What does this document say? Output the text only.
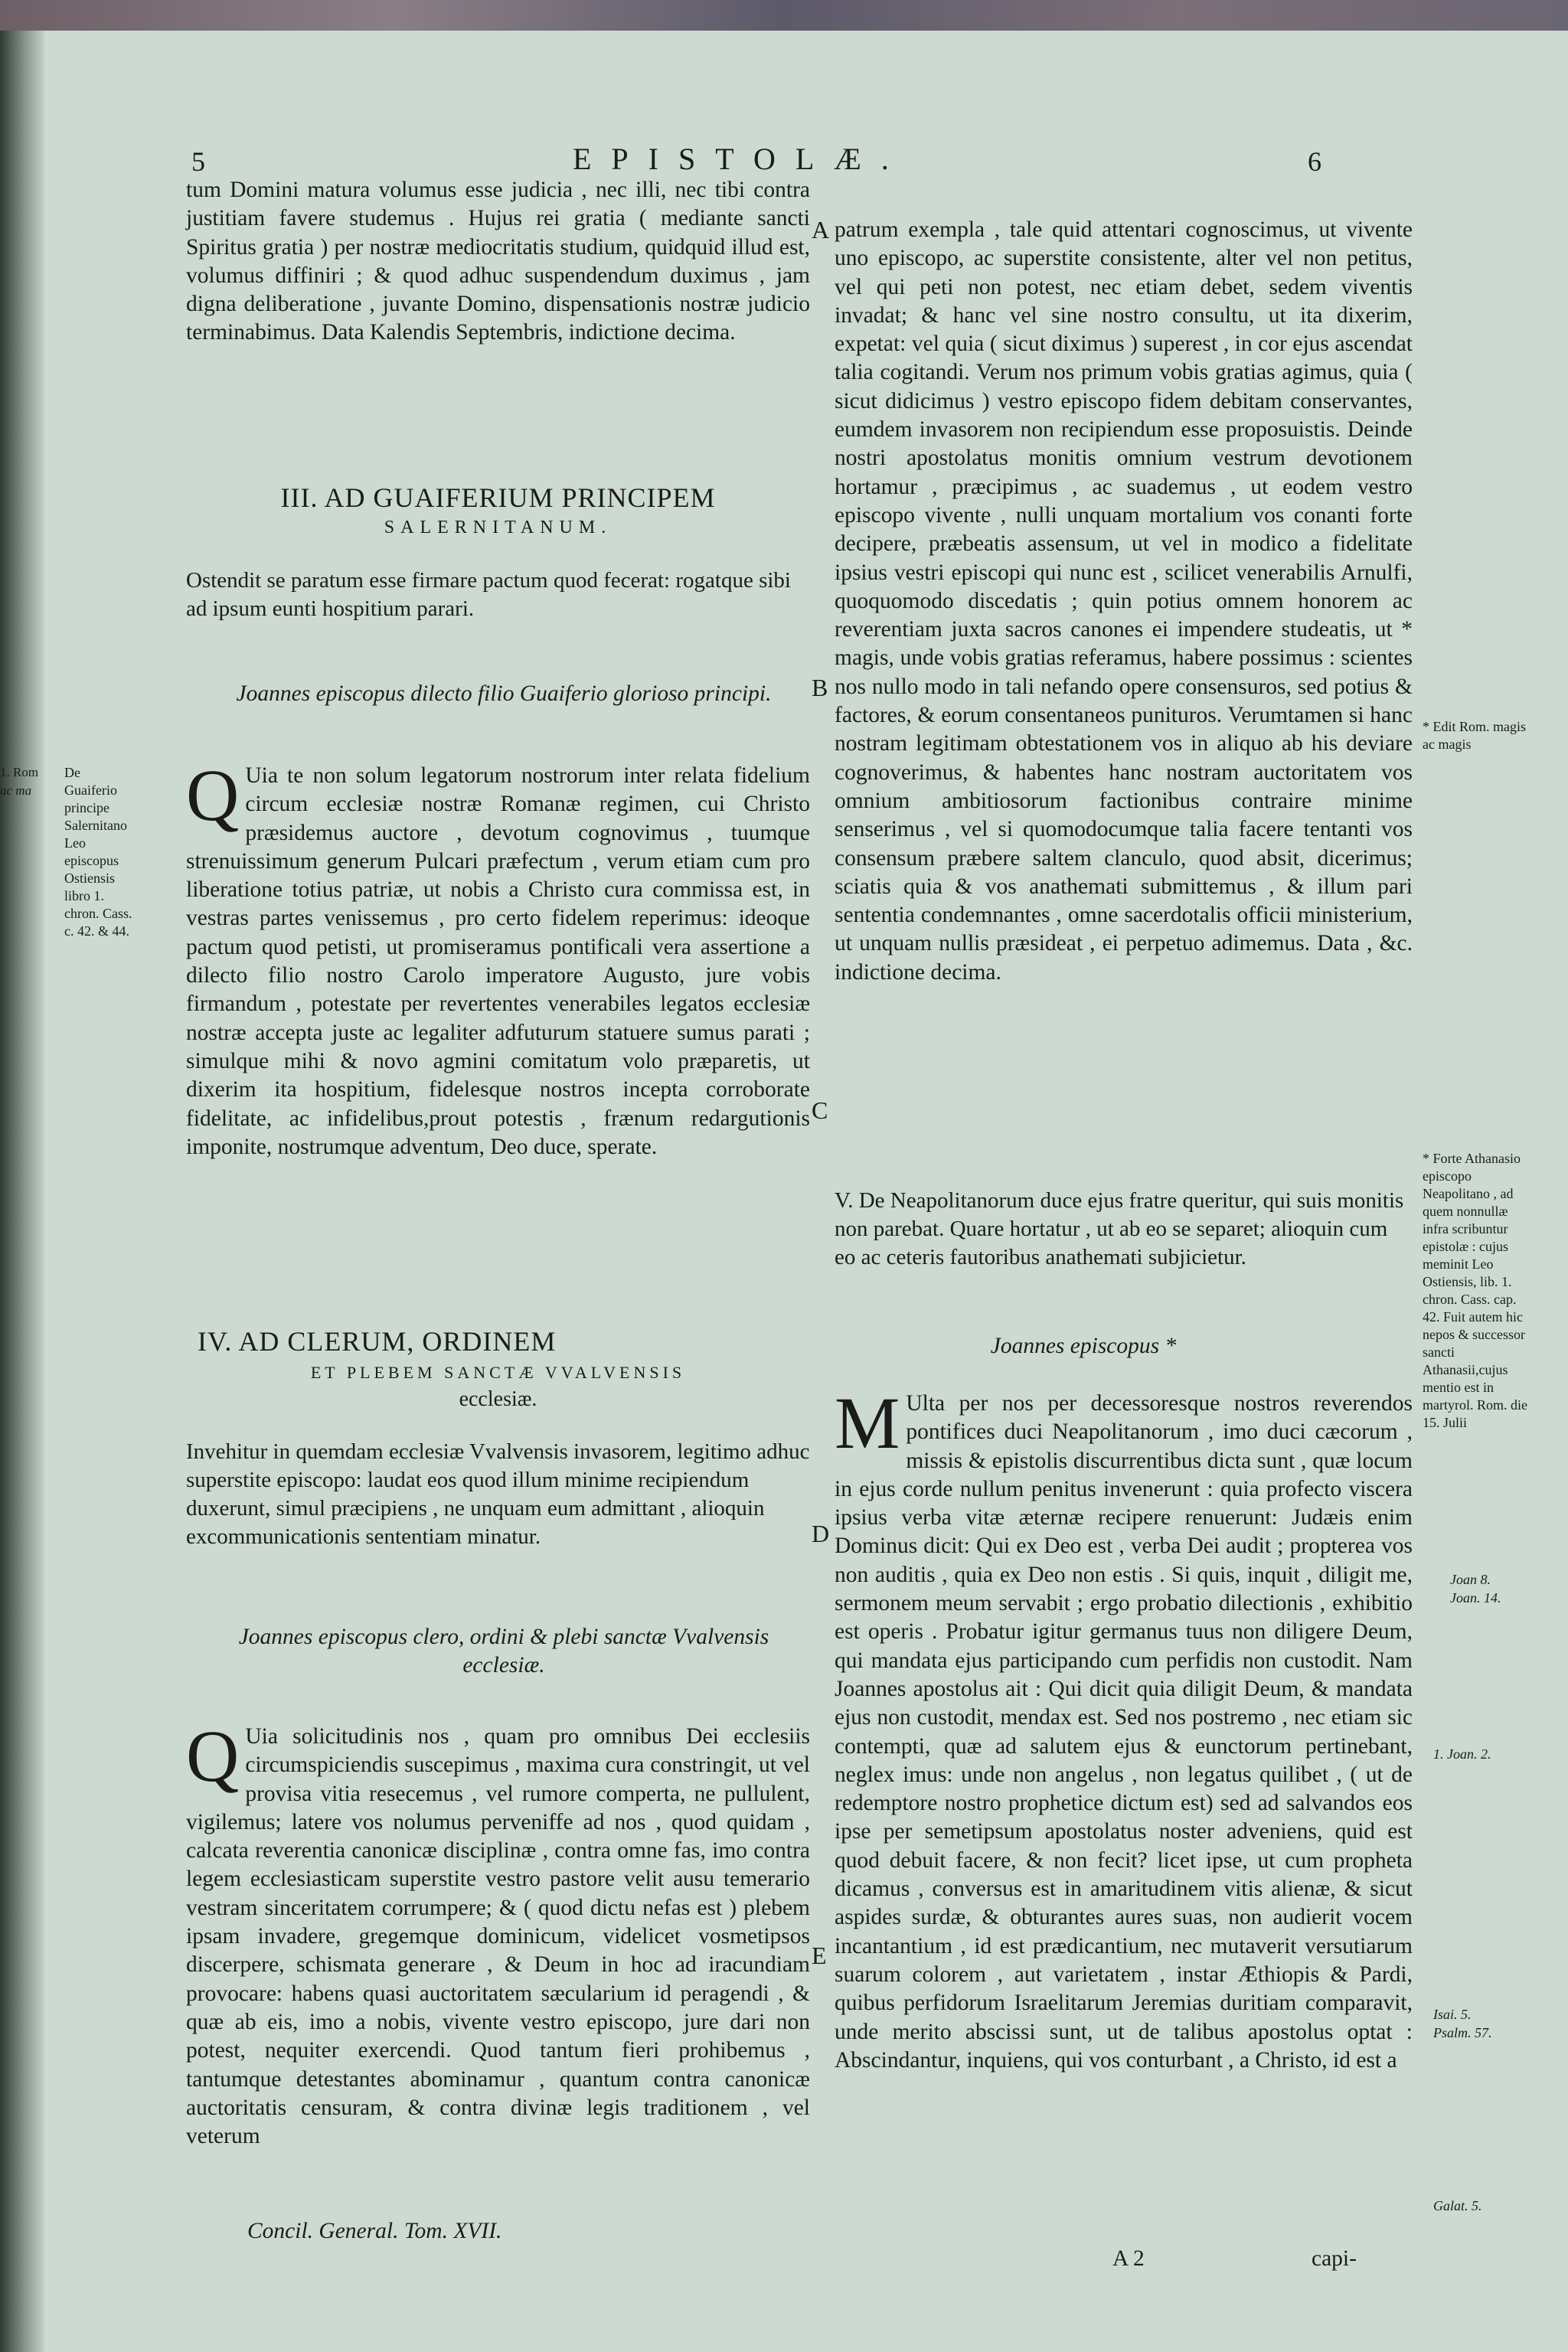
1. Rom
ac ma
5	EPISTOLÆ.	6
De Guaiferio principe Salernitano Leo episcopus Ostiensis libro 1. chron. Cass. c. 42. & 44.

tum Domini matura volumus esse judicia , nec illi, nec tibi contra justitiam favere studemus . Hujus rei gratia ( mediante sancti Spiritus gratia ) per nostræ mediocritatis studium, quidquid illud est, volumus diffiniri ; & quod adhuc suspendendum duximus , jam digna deliberatione , juvante Domino, dispensationis nostræ judicio terminabimus. Data Kalendis Septembris, indictione decima.

III. AD GUAIFERIUM PRINCIPEM
SALERNITANUM.

Ostendit se paratum esse firmare pactum quod fecerat: rogatque sibi ad ipsum eunti hospitium parari.

Joannes episcopus dilecto filio Guaiferio glorioso principi.
Q Uia te non solum legatorum nostrorum inter relata fidelium circum ecclesiæ nostræ Romanæ regimen, cui Christo præsidemus auctore , devotum cognovimus , tuumque strenuissimum generum Pulcari præfectum , verum etiam cum pro liberatione totius patriæ, ut nobis a Christo cura commissa est, in vestras partes venissemus , pro certo fidelem reperimus: ideoque pactum quod petisti, ut promiseramus pontificali vera assertione a dilecto filio nostro Carolo imperatore Augusto, jure vobis firmandum , potestate per revertentes venerabiles legatos ecclesiæ nostræ accepta juste ac legaliter adfuturum statuere sumus parati ; simulque mihi & novo agmini comitatum volo præparetis, ut dixerim ita hospitium, fidelesque nostros incepta corroborate fidelitate, ac infidelibus,prout potestis , frænum redargutionis imponite, nostrumque adventum, Deo duce, sperate.
IV. AD CLERUM, ORDINEM
ET PLEBEM SANCTÆ VVALVENSIS
ecclesiæ.
Invehitur in quemdam ecclesiæ Vvalvensis invasorem, legitimo adhuc superstite episcopo: laudat eos quod illum minime recipiendum duxerunt, simul præcipiens , ne unquam eum admittant , alioquin excommunicationis sententiam minatur.
Joannes episcopus clero, ordini & plebi sanctæ Vvalvensis ecclesiæ.
Q Uia solicitudinis nos , quam pro omnibus Dei ecclesiis circumspiciendis suscepimus , maxima cura constringit, ut vel provisa vitia resecemus , vel rumore comperta, ne pullulent, vigilemus; latere vos nolumus perveniffe ad nos , quod quidam , calcata reverentia canonicæ disciplinæ , contra omne fas, imo contra legem ecclesiasticam superstite vestro pastore velit ausu temerario vestram sinceritatem corrumpere; & ( quod dictu nefas est ) plebem ipsam invadere, gregemque dominicum, videlicet vosmetipsos discerpere, schismata generare , & Deum in hoc ad iracundiam provocare: habens quasi auctoritatem sæcularium id peragendi , & quæ ab eis, imo a nobis, vivente vestro episcopo, jure dari non potest, nequiter exercendi. Quod tantum fieri prohibemus , tantumque detestantes abominamur , quantum contra canonicæ auctoritatis censuram, & contra divinæ legis traditionem , vel veterum
Concil. General. Tom. XVII.
A
B
C
D
E
patrum exempla , tale quid attentari cognoscimus, ut vivente uno episcopo, ac superstite consistente, alter vel non petitus, vel qui peti non potest, nec etiam debet, sedem viventis invadat; & hanc vel sine nostro consultu, ut ita dixerim, expetat: vel quia ( sicut diximus ) superest , in cor ejus ascendat talia cogitandi. Verum nos primum vobis gratias agimus, quia ( sicut didicimus ) vestro episcopo fidem debitam conservantes, eumdem invasorem non recipiendum esse proposuistis. Deinde nostri apostolatus monitis omnium vestrum devotionem hortamur , præcipimus , ac suademus , ut eodem vestro episcopo vivente , nulli unquam mortalium vos conanti forte decipere, præbeatis assensum, ut vel in modico a fidelitate ipsius vestri episcopi qui nunc est , scilicet venerabilis Arnulfi, quoquomodo discedatis ; quin potius omnem honorem ac reverentiam juxta sacros canones ei impendere studeatis, ut * magis, unde vobis gratias referamus, habere possimus : scientes nos nullo modo in tali nefando opere consensuros, sed potius & factores, & eorum consentaneos punituros. Verumtamen si hanc nostram legitimam obtestationem vos in aliquo ab his deviare cognoverimus, & habentes hanc nostram auctoritatem vos omnium ambitiosorum factionibus contraire minime senserimus , vel si quomodocumque talia facere tentanti vos consensum præbere saltem clanculo, quod absit, dicerimus; sciatis quia & vos anathemati submittemus , & illum pari sententia condemnantes , omne sacerdotalis officii ministerium, ut unquam nullis præsideat , ei perpetuo adimemus. Data , &c. indictione decima.
V. De Neapolitanorum duce ejus fratre queritur, qui suis monitis non parebat. Quare hortatur , ut ab eo se separet; alioquin cum eo ac ceteris fautoribus anathemati subjicietur.
Joannes episcopus *
M Ulta per nos per decessoresque nostros reverendos pontifices duci Neapolitanorum , imo duci cæcorum , missis & epistolis discurrentibus dicta sunt , quæ locum in ejus corde nullum penitus invenerunt : quia profecto viscera ipsius verba vitæ æternæ recipere renuerunt: Judæis enim Dominus dicit: Qui ex Deo est , verba Dei audit ; propterea vos non auditis , quia ex Deo non estis . Si quis, inquit , diligit me, sermonem meum servabit ; ergo probatio dilectionis , exhibitio est operis . Probatur igitur germanus tuus non diligere Deum, qui mandata ejus participando cum perfidis non custodit. Nam Joannes apostolus ait : Qui dicit quia diligit Deum, & mandata ejus non custodit, mendax est. Sed nos postremo , nec etiam sic contempti, quæ ad salutem ejus & eunctorum pertinebant, neglex imus: unde non angelus , non legatus quilibet , ( ut de redemptore nostro prophetice dictum est) sed ad salvandos eos ipse per semetipsum apostolatus noster adveniens, quid est quod debuit facere, & non fecit? licet ipse, ut cum propheta dicamus , conversus est in amaritudinem vitis alienæ, & sicut aspides surdæ, & obturantes aures suas, non audierit vocem incantantium , id est prædicantium, nec mutaverit versutiarum suarum colorem , aut varietatem , instar Æthiopis & Pardi, quibus perfidorum Israelitarum Jeremias duritiam comparavit, unde merito abscissi sunt, ut de talibus apostolus optat : Abscindantur, inquiens, qui vos conturbant , a Christo, id est a
A 2	capi-
* Edit Rom. magis ac magis
* Forte Athanasio episcopo Neapolitano , ad quem nonnullæ infra scribuntur epistolæ : cujus meminit Leo Ostiensis, lib. 1. chron. Cass. cap. 42. Fuit autem hic nepos & successor sancti Athanasii,cujus mentio est in martyrol. Rom. die 15. Julii
Joan 8.
Joan. 14.
1. Joan. 2.
Isai. 5.
Psalm. 57.
Galat. 5.
